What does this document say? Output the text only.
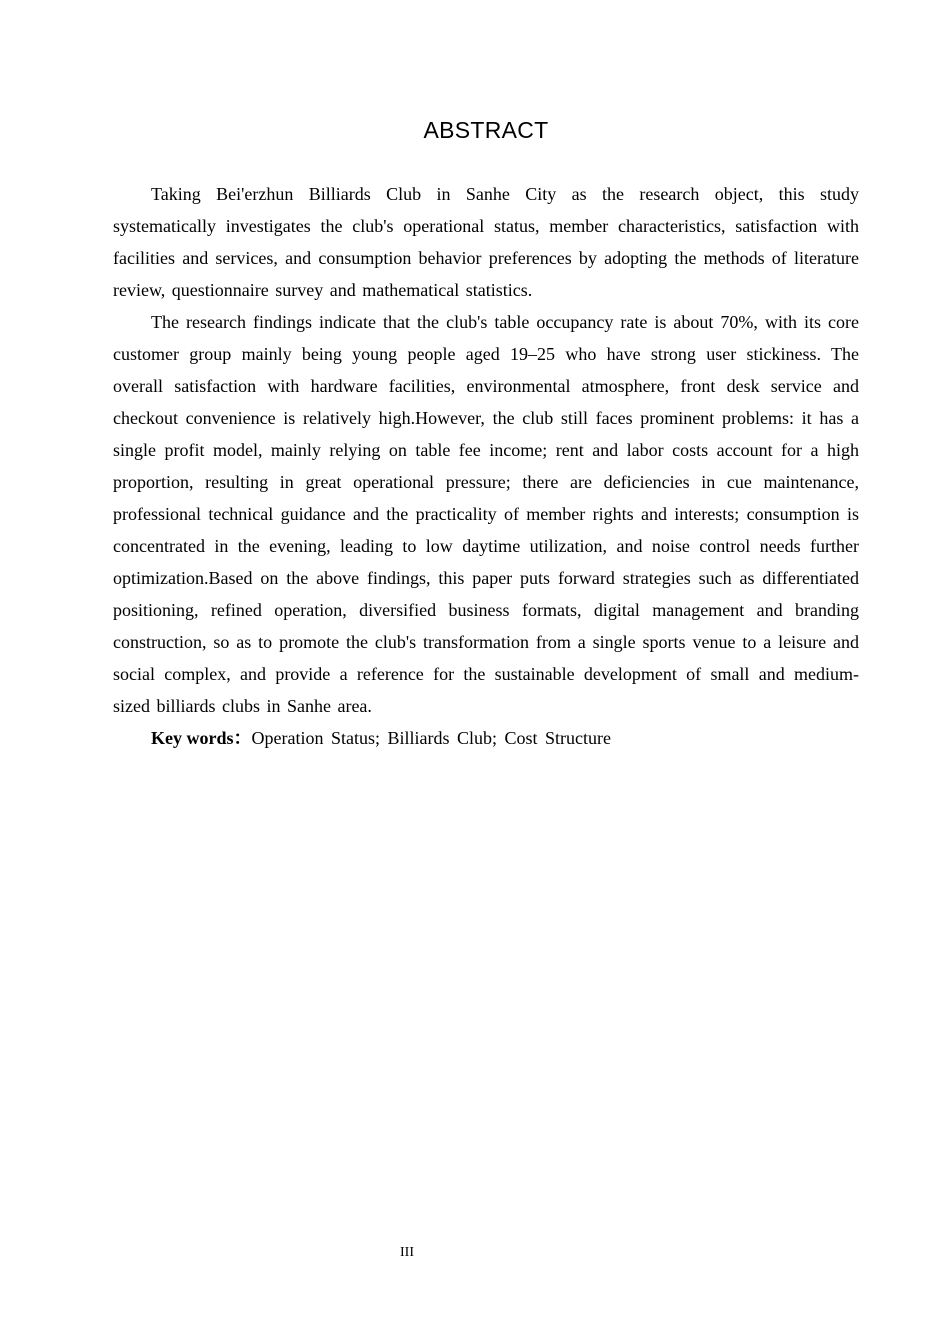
ABSTRACT

Taking Bei'erzhun Billiards Club in Sanhe City as the research object, this study systematically investigates the club's operational status, member characteristics, satisfaction with facilities and services, and consumption behavior preferences by adopting the methods of literature review, questionnaire survey and mathematical statistics.

The research findings indicate that the club's table occupancy rate is about 70%, with its core customer group mainly being young people aged 19–25 who have strong user stickiness. The overall satisfaction with hardware facilities, environmental atmosphere, front desk service and checkout convenience is relatively high.However, the club still faces prominent problems: it has a single profit model, mainly relying on table fee income; rent and labor costs account for a high proportion, resulting in great operational pressure; there are deficiencies in cue maintenance, professional technical guidance and the practicality of member rights and interests; consumption is concentrated in the evening, leading to low daytime utilization, and noise control needs further optimization.Based on the above findings, this paper puts forward strategies such as differentiated positioning, refined operation, diversified business formats, digital management and branding construction, so as to promote the club's transformation from a single sports venue to a leisure and social complex, and provide a reference for the sustainable development of small and medium-sized billiards clubs in Sanhe area.

Key words：Operation Status; Billiards Club; Cost Structure

III
